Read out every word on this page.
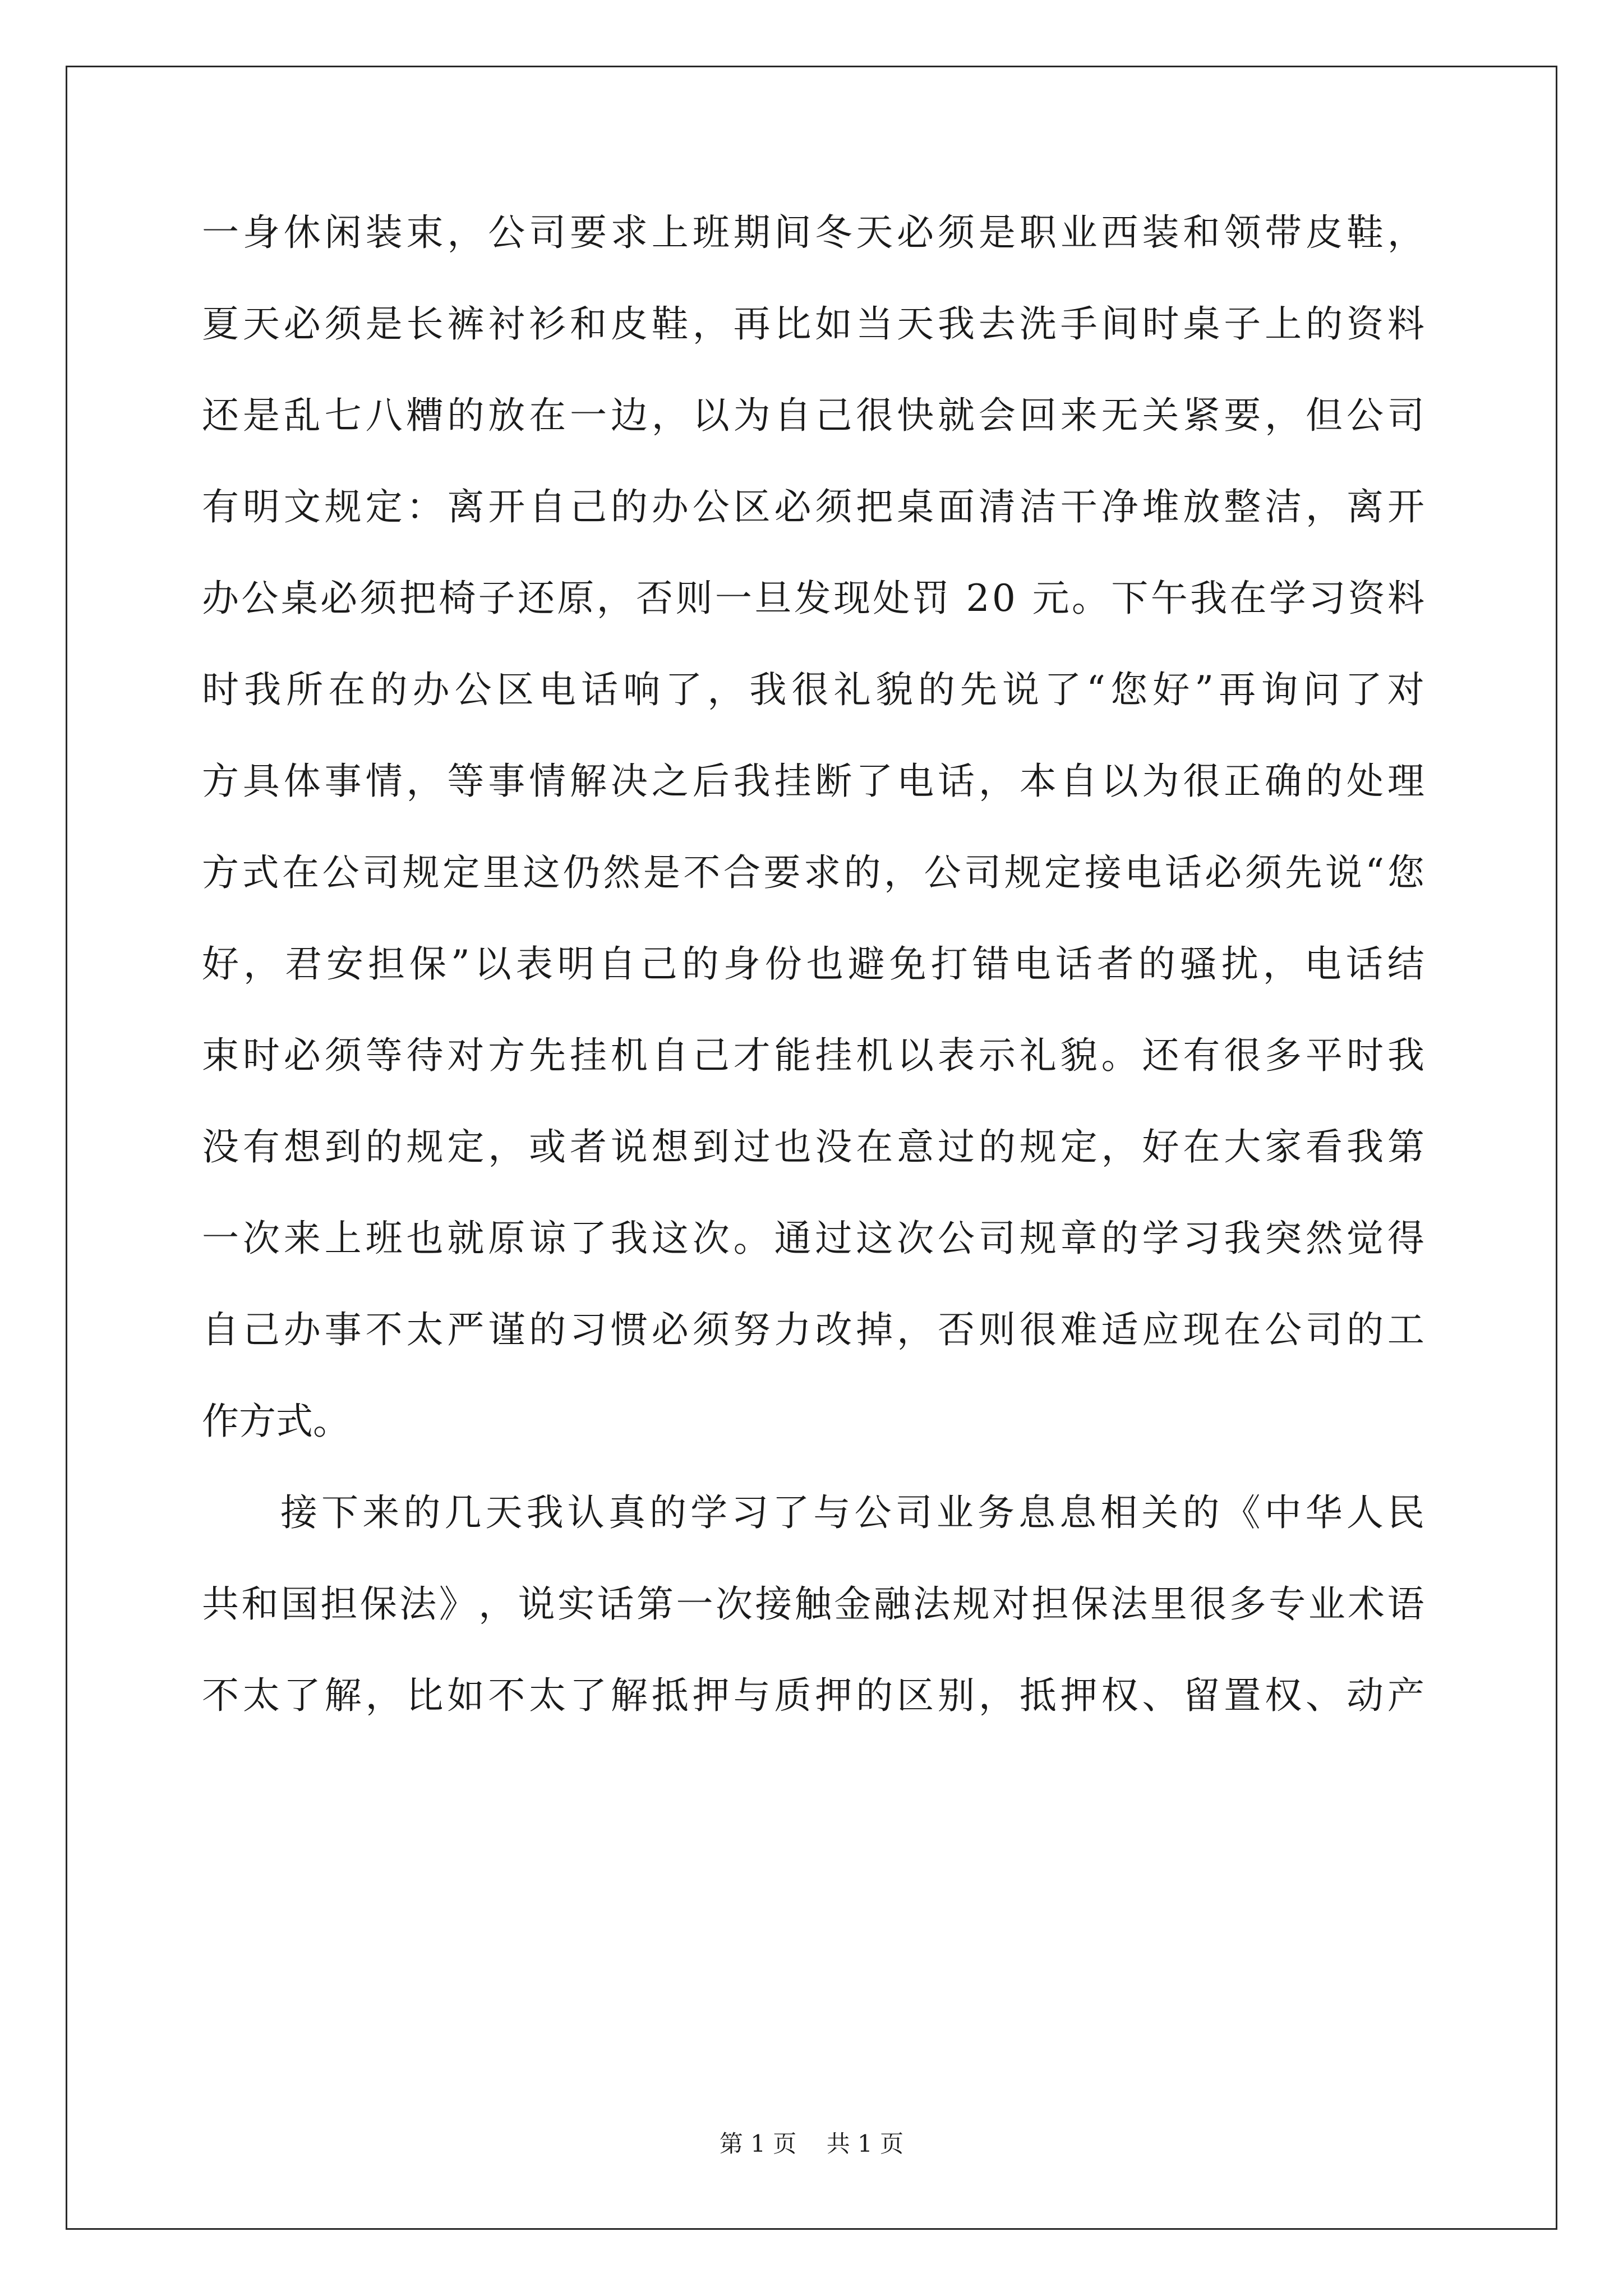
一 身 休 闲 装 束 ， 公 司 要 求 上 班 期 间 冬 天 必 须 是 职 业 西 装 和 领 带 皮 鞋 ，
夏 天 必 须 是 长 裤 衬 衫 和 皮 鞋 ， 再 比 如 当 天 我 去 洗 手 间 时 桌 子 上 的 资 料
还 是 乱 七 八 糟 的 放 在 一 边 ， 以 为 自 己 很 快 就 会 回 来 无 关 紧 要 ， 但 公 司
有 明 文 规 定 ： 离 开 自 己 的 办 公 区 必 须 把 桌 面 清 洁 干 净 堆 放 整 洁 ， 离 开
办 公 桌 必 须 把 椅 子 还 原 ， 否 则 一 旦 发 现 处 罚
2 0
元 。 下 午 我 在 学 习 资 料
时 我 所 在 的 办 公 区 电 话 响 了 ， 我 很 礼 貌 的 先 说 了 “ 您 好 ” 再 询 问 了 对
方 具 体 事 情 ， 等 事 情 解 决 之 后 我 挂 断 了 电 话 ， 本 自 以 为 很 正 确 的 处 理
方 式 在 公 司 规 定 里 这 仍 然 是 不 合 要 求 的 ， 公 司 规 定 接 电 话 必 须 先 说 “ 您
好 ， 君 安 担 保 ” 以 表 明 自 己 的 身 份 也 避 免 打 错 电 话 者 的 骚 扰 ， 电 话 结
束 时 必 须 等 待 对 方 先 挂 机 自 己 才 能 挂 机 以 表 示 礼 貌 。 还 有 很 多 平 时 我
没 有 想 到 的 规 定 ， 或 者 说 想 到 过 也 没 在 意 过 的 规 定 ， 好 在 大 家 看 我 第
一 次 来 上 班 也 就 原 谅 了 我 这 次 。 通 过 这 次 公 司 规 章 的 学 习 我 突 然 觉 得
自 己 办 事 不 太 严 谨 的 习 惯 必 须 努 力 改 掉 ， 否 则 很 难 适 应 现 在 公 司 的 工
作 方 式 。
接 下 来 的 几 天 我 认 真 的 学 习 了 与 公 司 业 务 息 息 相 关 的 《 中 华 人 民
共 和 国 担 保 法 》 ， 说 实 话 第 一 次 接 触 金 融 法 规 对 担 保 法 里 很 多 专 业 术 语
不 太 了 解 ， 比 如 不 太 了 解 抵 押 与 质 押 的 区 别 ， 抵 押 权 、 留 置 权 、 动 产
第 1 页    共 1 页
